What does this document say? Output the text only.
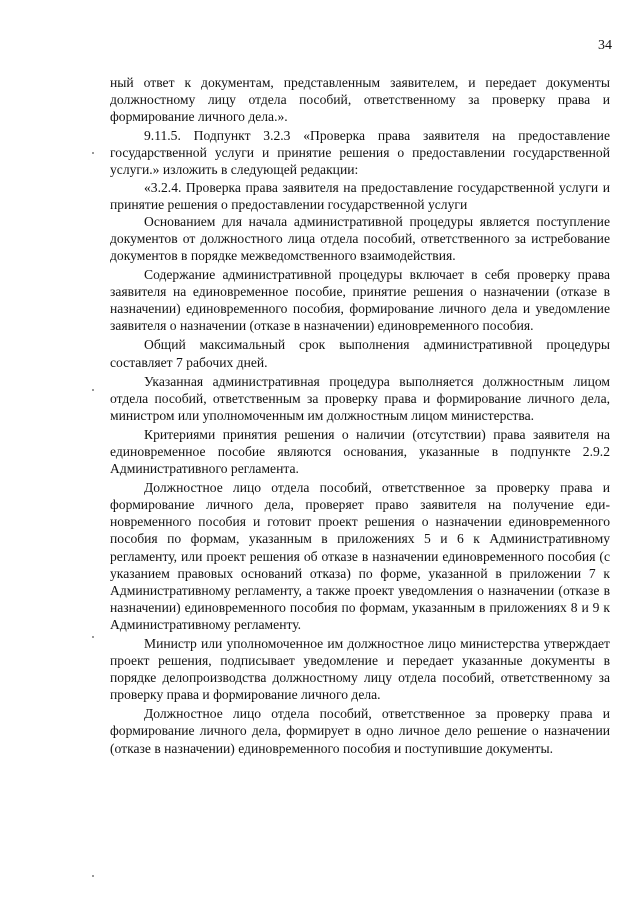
34

ный ответ к документам, представленным заявителем, и передает документы должностному лицу отдела пособий, ответственному за проверку права и формирование личного дела.».

9.11.5. Подпункт 3.2.3 «Проверка права заявителя на предоставление государственной услуги и принятие решения о предоставлении государственной услуги.» изложить в следующей редакции:

«3.2.4. Проверка права заявителя на предоставление государственной услуги и принятие решения о предоставлении государственной услуги

Основанием для начала административной процедуры является поступление документов от должностного лица отдела пособий, ответственного за истребование документов в порядке межведомственного взаимодействия.

Содержание административной процедуры включает в себя проверку права заявителя на единовременное пособие, принятие решения о назначении (отказе в назначении) единовременного пособия, формирование личного дела и уведомление заявителя о назначении (отказе в назначении) единовременного пособия.

Общий максимальный срок выполнения административной процедуры составляет 7 рабочих дней.

Указанная административная процедура выполняется должностным лицом отдела пособий, ответственным за проверку права и формирование личного дела, министром или уполномоченным им должностным лицом министерства.

Критериями принятия решения о наличии (отсутствии) права заявителя на единовременное пособие являются основания, указанные в подпункте 2.9.2 Административного регламента.

Должностное лицо отдела пособий, ответственное за проверку права и формирование личного дела, проверяет право заявителя на получение единовременного пособия и готовит проект решения о назначении единовременного пособия по формам, указанным в приложениях 5 и 6 к Административному регламенту, или проект решения об отказе в назначении единовременного пособия (с указанием правовых оснований отказа) по форме, указанной в приложении 7 к Административному регламенту, а также проект уведомления о назначении (отказе в назначении) единовременного пособия по формам, указанным в приложениях 8 и 9 к Административному регламенту.

Министр или уполномоченное им должностное лицо министерства утверждает проект решения, подписывает уведомление и передает указанные документы в порядке делопроизводства должностному лицу отдела пособий, ответственному за проверку права и формирование личного дела.

Должностное лицо отдела пособий, ответственное за проверку права и формирование личного дела, формирует в одно личное дело решение о назначении (отказе в назначении) единовременного пособия и поступившие документы.
